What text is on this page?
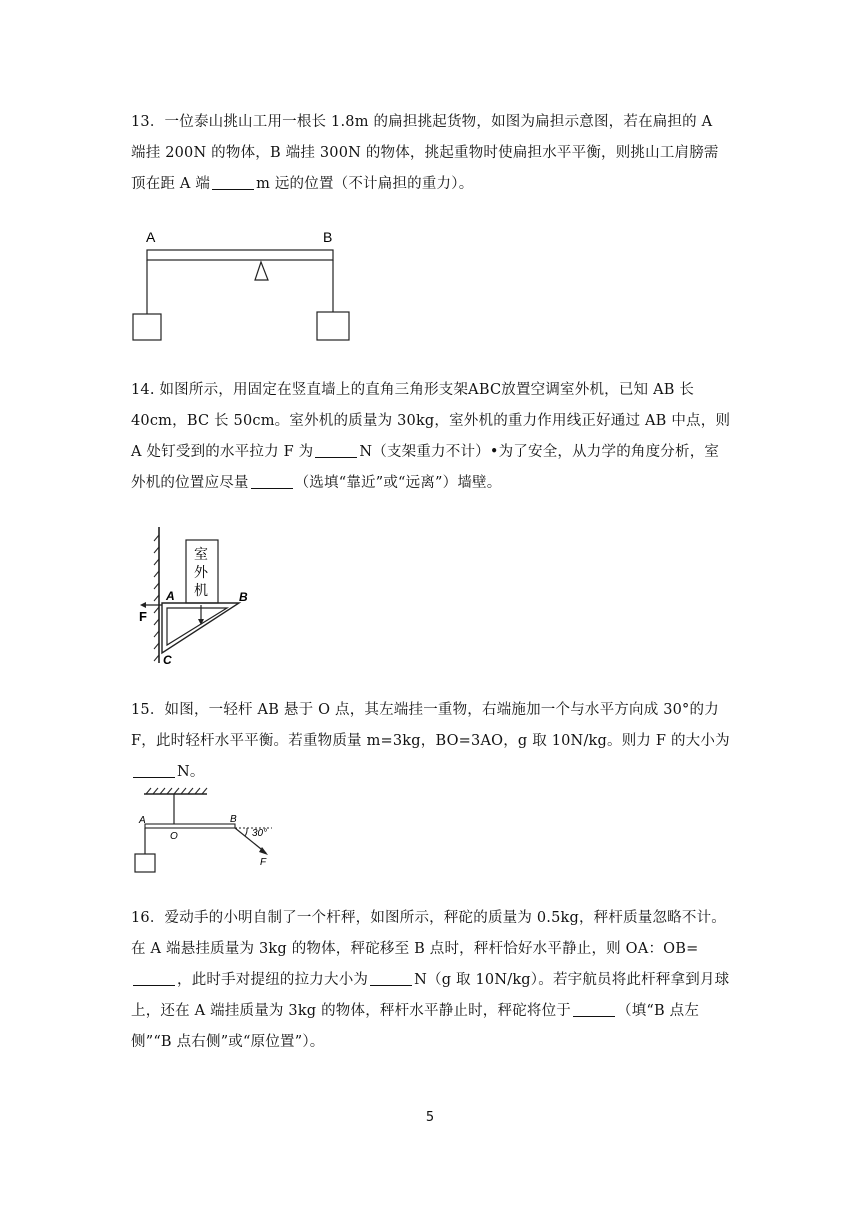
13．一位泰山挑山工用一根长 1.8m 的扁担挑起货物，如图为扁担示意图，若在扁担的 A 端挂 200N 的物体，B 端挂 300N 的物体，挑起重物时使扁担水平平衡，则挑山工肩膀需顶在距 A 端	m 远的位置（不计扁担的重力）。
A	B
14. 如图所示，用固定在竖直墙上的直角三角形支架ABC放置空调室外机，已知 AB 长 40cm，BC 长 50cm。室外机的质量为 30kg，室外机的重力作用线正好通过 AB 中点，则 A 处钉受到的水平拉力 F 为	N（支架重力不计）•为了安全，从力学的角度分析，室外机的位置应尽量	（选填“靠近”或“远离”）墙壁。
室
外
机
A	B
C
F
15．如图，一轻杆 AB 悬于 O 点，其左端挂一重物，右端施加一个与水平方向成 30°的力 F，此时轻杆水平平衡。若重物质量 m=3kg，BO=3AO，g 取 10N/kg。则力 F 的大小为N。
30°
A
O
B
F
16．爱动手的小明自制了一个杆秤，如图所示，秤砣的质量为 0.5kg，秤杆质量忽略不计。在 A 端悬挂质量为 3kg 的物体，秤砣移至 B 点时，秤杆恰好水平静止，则 OA：OB=，此时手对提纽的拉力大小为	N（g 取 10N/kg）。若宇航员将此杆秤拿到月球上，还在 A 端挂质量为 3kg 的物体，秤杆水平静止时，秤砣将位于	（填“B 点左侧”“B 点右侧”或“原位置”）。
5
